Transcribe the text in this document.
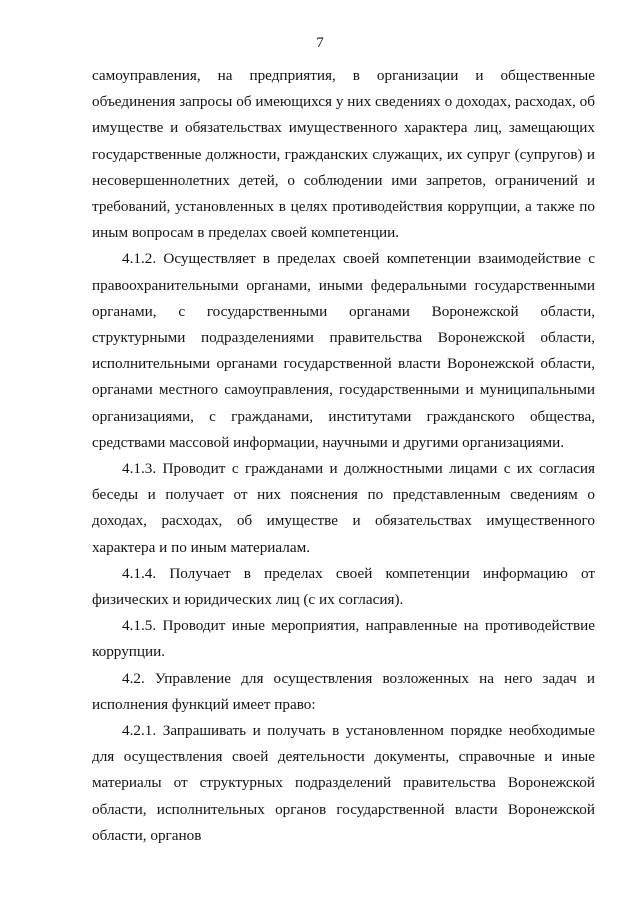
7

самоуправления, на предприятия, в организации и общественные объединения запросы об имеющихся у них сведениях о доходах, расходах, об имуществе и обязательствах имущественного характера лиц, замещающих государственные должности, гражданских служащих, их супруг (супругов) и несовершеннолетних детей, о соблюдении ими запретов, ограничений и требований, установленных в целях противодействия коррупции, а также по иным вопросам в пределах своей компетенции.

4.1.2. Осуществляет в пределах своей компетенции взаимодействие с правоохранительными органами, иными федеральными государственными органами, с государственными органами Воронежской области, структурными подразделениями правительства Воронежской области, исполнительными органами государственной власти Воронежской области, органами местного самоуправления, государственными и муниципальными организациями, с гражданами, институтами гражданского общества, средствами массовой информации, научными и другими организациями.

4.1.3. Проводит с гражданами и должностными лицами с их согласия беседы и получает от них пояснения по представленным сведениям о доходах, расходах, об имуществе и обязательствах имущественного характера и по иным материалам.

4.1.4. Получает в пределах своей компетенции информацию от физических и юридических лиц (с их согласия).

4.1.5. Проводит иные мероприятия, направленные на противодействие коррупции.

4.2. Управление для осуществления возложенных на него задач и исполнения функций имеет право:

4.2.1. Запрашивать и получать в установленном порядке необходимые для осуществления своей деятельности документы, справочные и иные материалы от структурных подразделений правительства Воронежской области, исполнительных органов государственной власти Воронежской области, органов
